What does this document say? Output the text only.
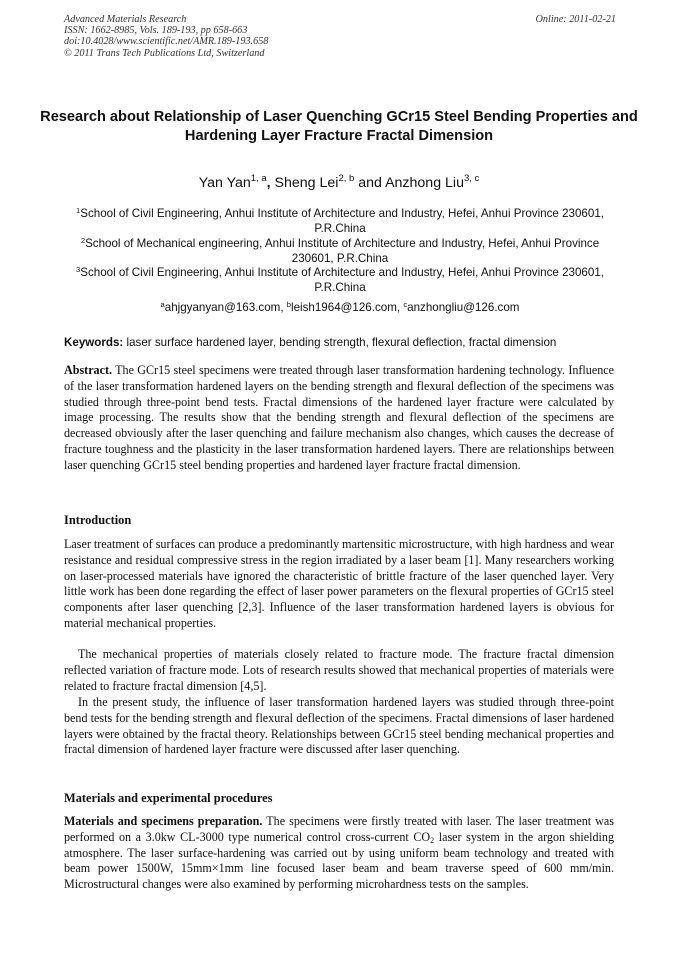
Advanced Materials Research
ISSN: 1662-8985, Vols. 189-193, pp 658-663
doi:10.4028/www.scientific.net/AMR.189-193.658
© 2011 Trans Tech Publications Ltd, Switzerland
Online: 2011-02-21
Research about Relationship of Laser Quenching GCr15 Steel Bending Properties and Hardening Layer Fracture Fractal Dimension
Yan Yan$^{1, a}$, Sheng Lei$^{2, b}$ and Anzhong Liu$^{3, c}$
$^1$School of Civil Engineering, Anhui Institute of Architecture and Industry, Hefei, Anhui Province 230601, P.R.China
$^2$School of Mechanical engineering, Anhui Institute of Architecture and Industry, Hefei, Anhui Province 230601, P.R.China
$^3$School of Civil Engineering, Anhui Institute of Architecture and Industry, Hefei, Anhui Province 230601, P.R.China
$^a$ahjgyanyan@163.com, $^b$leish1964@126.com, $^c$anzhongliu@126.com
Keywords: laser surface hardened layer, bending strength, flexural deflection, fractal dimension

Abstract. The GCr15 steel specimens were treated through laser transformation hardening technology. Influence of the laser transformation hardened layers on the bending strength and flexural deflection of the specimens was studied through three-point bend tests. Fractal dimensions of the hardened layer fracture were calculated by image processing. The results show that the bending strength and flexural deflection of the specimens are decreased obviously after the laser quenching and failure mechanism also changes, which causes the decrease of fracture toughness and the plasticity in the laser transformation hardened layers. There are relationships between laser quenching GCr15 steel bending properties and hardened layer fracture fractal dimension.

Introduction

Laser treatment of surfaces can produce a predominantly martensitic microstructure, with high hardness and wear resistance and residual compressive stress in the region irradiated by a laser beam [1]. Many researchers working on laser-processed materials have ignored the characteristic of brittle fracture of the laser quenched layer. Very little work has been done regarding the effect of laser power parameters on the flexural properties of GCr15 steel components after laser quenching [2,3]. Influence of the laser transformation hardened layers is obvious for material mechanical properties.

The mechanical properties of materials closely related to fracture mode. The fracture fractal dimension reflected variation of fracture mode. Lots of research results showed that mechanical properties of materials were related to fracture fractal dimension [4,5].

In the present study, the influence of laser transformation hardened layers was studied through three-point bend tests for the bending strength and flexural deflection of the specimens. Fractal dimensions of laser hardened layers were obtained by the fractal theory. Relationships between GCr15 steel bending mechanical properties and fractal dimension of hardened layer fracture were discussed after laser quenching.

Materials and experimental procedures

Materials and specimens preparation. The specimens were firstly treated with laser. The laser treatment was performed on a 3.0kw CL-3000 type numerical control cross-current $CO_2$ laser system in the argon shielding atmosphere. The laser surface-hardening was carried out by using uniform beam technology and treated with beam power 1500W, 15mm×1mm line focused laser beam and beam traverse speed of 600 mm/min. Microstructural changes were also examined by performing microhardness tests on the samples.
